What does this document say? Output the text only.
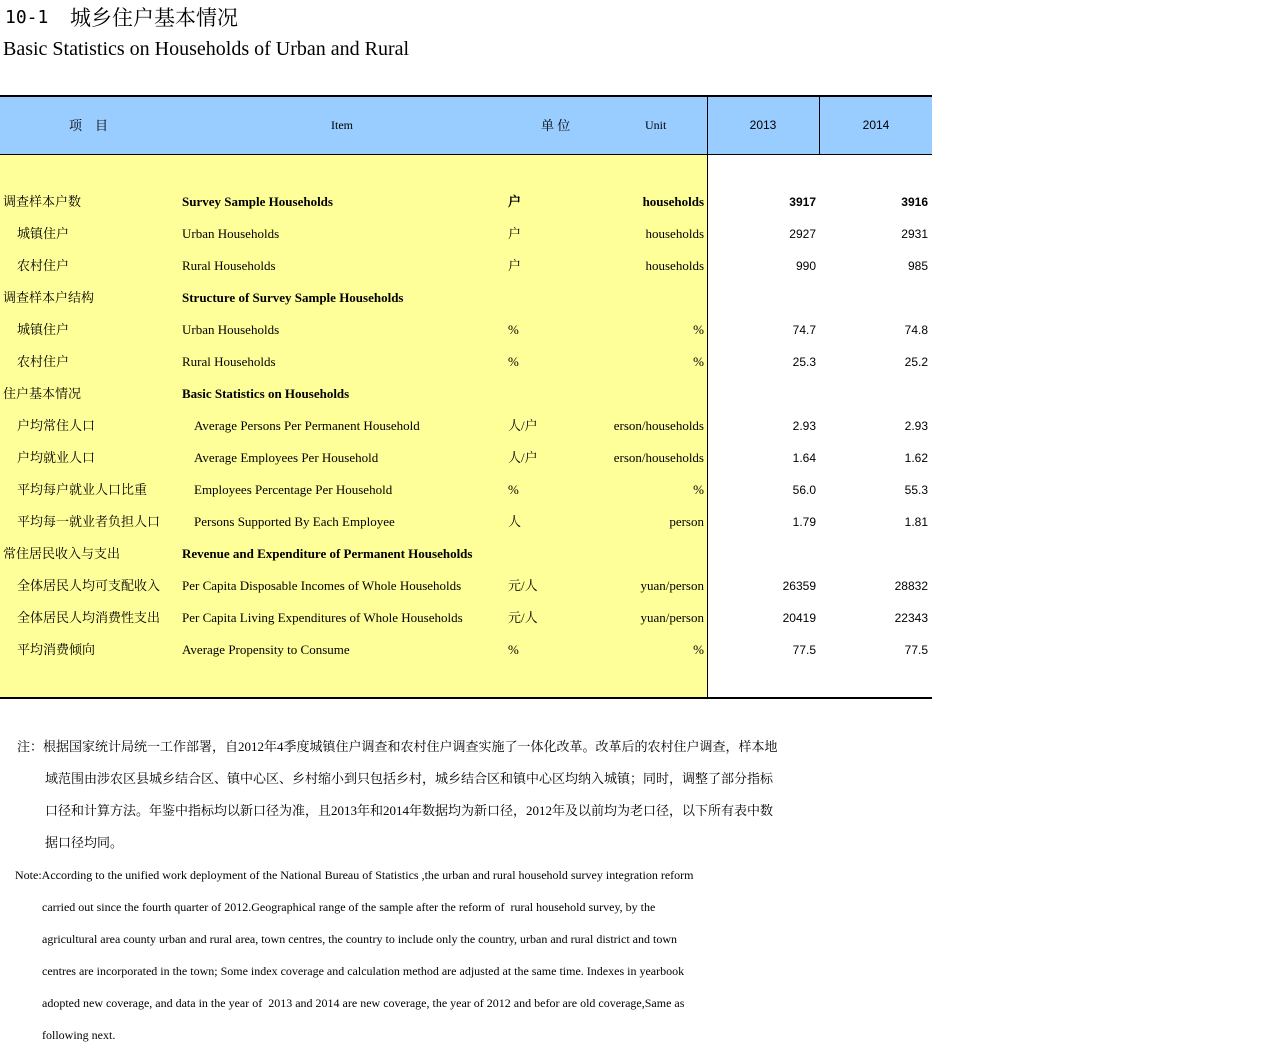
10-1 城乡住户基本情况
Basic Statistics on Households of Urban and Rural
项　目	Item	单 位	Unit	2013	2014
调查样本户数	Survey Sample Households	户	households	3917	3916
城镇住户	Urban Households	户	households	2927	2931
农村住户	Rural Households	户	households	990	985
调查样本户结构	Structure of Survey Sample Households
城镇住户	Urban Households	%	%	74.7	74.8
农村住户	Rural Households	%	%	25.3	25.2
住户基本情况	Basic Statistics on Households
户均常住人口	Average Persons Per Permanent Household	人/户	erson/households	2.93	2.93
户均就业人口	Average Employees Per Household	人/户	erson/households	1.64	1.62
平均每户就业人口比重	Employees Percentage Per Household	%	%	56.0	55.3
平均每一就业者负担人口	Persons Supported By Each Employee	人	person	1.79	1.81
常住居民收入与支出	Revenue and Expenditure of Permanent Households
全体居民人均可支配收入 Per Capita Disposable Incomes of Whole Households	元/人	yuan/person	26359	28832
全体居民人均消费性支出 Per Capita Living Expenditures of Whole Households	元/人	yuan/person	20419	22343
平均消费倾向	Average Propensity to Consume	%	%	77.5	77.5
注：根据国家统计局统一工作部署，自2012年4季度城镇住户调查和农村住户调查实施了一体化改革。改革后的农村住户调查，样本地
域范围由涉农区县城乡结合区、镇中心区、乡村缩小到只包括乡村，城乡结合区和镇中心区均纳入城镇；同时，调整了部分指标
口径和计算方法。年鉴中指标均以新口径为准，且2013年和2014年数据均为新口径，2012年及以前均为老口径，以下所有表中数
据口径均同。
Note:According to the unified work deployment of the National Bureau of Statistics ,the urban and rural household survey integration reform
carried out since the fourth quarter of 2012.Geographical range of the sample after the reform of  rural household survey, by the
agricultural area county urban and rural area, town centres, the country to include only the country, urban and rural district and town
centres are incorporated in the town; Some index coverage and calculation method are adjusted at the same time. Indexes in yearbook
adopted new coverage, and data in the year of  2013 and 2014 are new coverage, the year of 2012 and befor are old coverage,Same as
following next.
